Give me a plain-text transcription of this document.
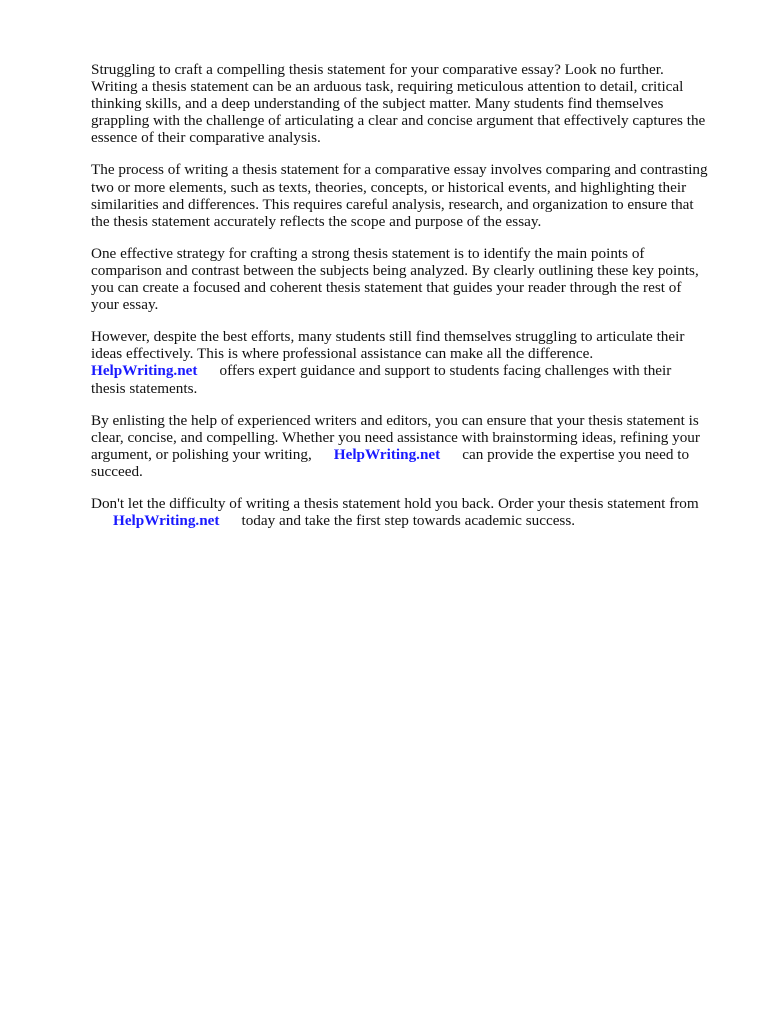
Struggling to craft a compelling thesis statement for your comparative essay? Look no further.
Writing a thesis statement can be an arduous task, requiring meticulous attention to detail, critical
thinking skills, and a deep understanding of the subject matter. Many students find themselves
grappling with the challenge of articulating a clear and concise argument that effectively captures the
essence of their comparative analysis.

The process of writing a thesis statement for a comparative essay involves comparing and contrasting
two or more elements, such as texts, theories, concepts, or historical events, and highlighting their
similarities and differences. This requires careful analysis, research, and organization to ensure that
the thesis statement accurately reflects the scope and purpose of the essay.

One effective strategy for crafting a strong thesis statement is to identify the main points of
comparison and contrast between the subjects being analyzed. By clearly outlining these key points,
you can create a focused and coherent thesis statement that guides your reader through the rest of
your essay.

However, despite the best efforts, many students still find themselves struggling to articulate their
ideas effectively. This is where professional assistance can make all the difference.
HelpWriting.net offers expert guidance and support to students facing challenges with their
thesis statements.

By enlisting the help of experienced writers and editors, you can ensure that your thesis statement is
clear, concise, and compelling. Whether you need assistance with brainstorming ideas, refining your
argument, or polishing your writing, HelpWriting.net can provide the expertise you need to
succeed.

Don't let the difficulty of writing a thesis statement hold you back. Order your thesis statement from
HelpWriting.net today and take the first step towards academic success.
